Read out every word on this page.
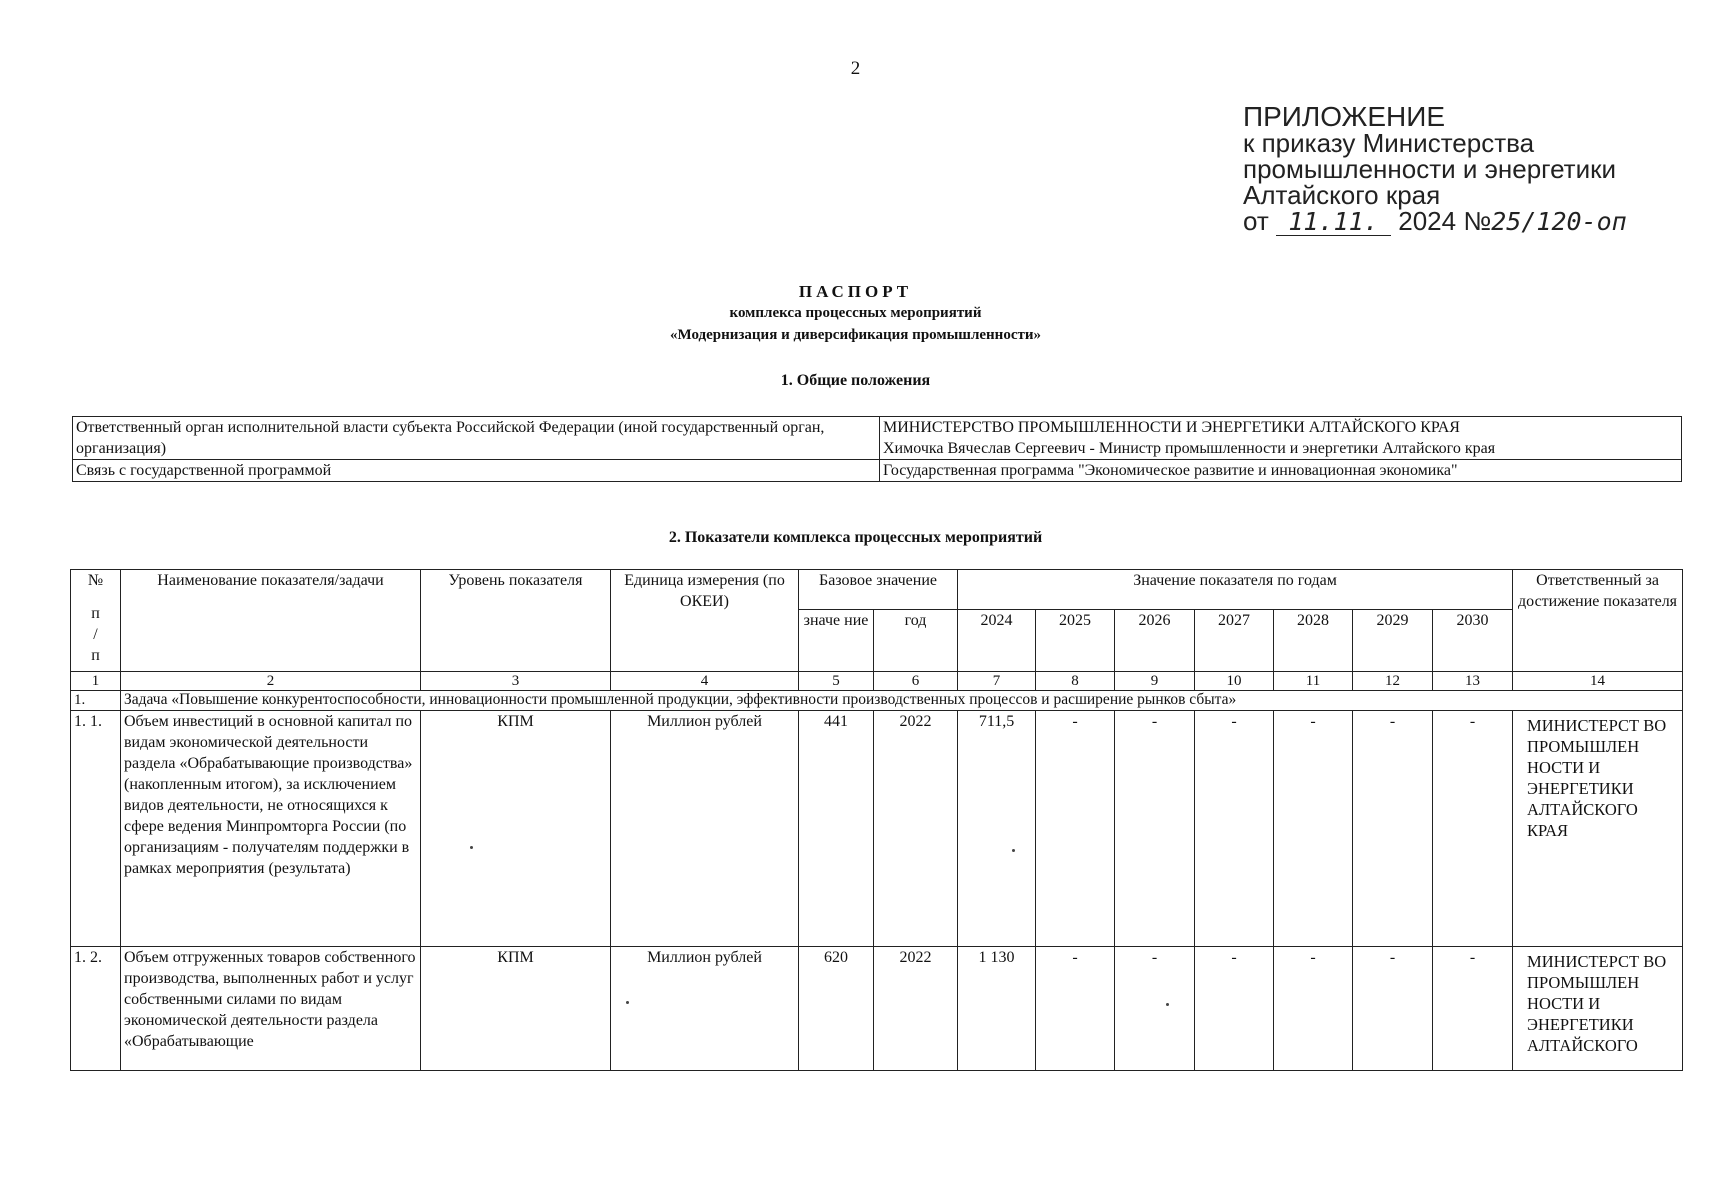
2
ПРИЛОЖЕНИЕ
к приказу Министерства
промышленности и энергетики
Алтайского края
от 11.11. 2024 №25/120-оп
ПАСПОРТ
комплекса процессных мероприятий
«Модернизация и диверсификация промышленности»
1. Общие положения
Ответственный орган исполнительной власти субъекта Российской Федерации (иной государственный орган, организация)	МИНИСТЕРСТВО ПРОМЫШЛЕННОСТИ И ЭНЕРГЕТИКИ АЛТАЙСКОГО КРАЯ
Химочка Вячеслав Сергеевич - Министр промышленности и энергетики Алтайского края

Связь с государственной программой	Государственная программа "Экономическое развитие и инновационная экономика"
2. Показатели комплекса процессных мероприятий
№
п
/
п	Наименование показателя/задачи	Уровень показателя	Единица измерения (по ОКЕИ)	Базовое значение		Значение показателя по годам							Ответственный за достижение показателя
				значе ние	год	2024	2025	2026	2027	2028	2029	2030	
1	2	3	4	5	6	7	8	9	10	11	12	13	14
1.	Задача «Повышение конкурентоспособности, инновационности промышленной продукции, эффективности производственных процессов и расширение рынков сбыта»												
1. 1.	Объем инвестиций в основной капитал по видам экономической деятельности раздела «Обрабатывающие производства» (накопленным итогом), за исключением видов деятельности, не относящихся к сфере ведения Минпромторга России (по организациям - получателям поддержки в рамках мероприятия (результата)	КПМ	Миллион рублей	441	2022	711,5	-	-	-	-	-	-	МИНИСТЕРСТ ВО ПРОМЫШЛЕН НОСТИ И ЭНЕРГЕТИКИ АЛТАЙСКОГО КРАЯ
1. 2.	Объем отгруженных товаров собственного производства, выполненных работ и услуг собственными силами по видам экономической деятельности раздела «Обрабатывающие	КПМ	Миллион рублей	620	2022	1 130	-	-	-	-	-	-	МИНИСТЕРСТ ВО ПРОМЫШЛЕН НОСТИ И ЭНЕРГЕТИКИ АЛТАЙСКОГО
